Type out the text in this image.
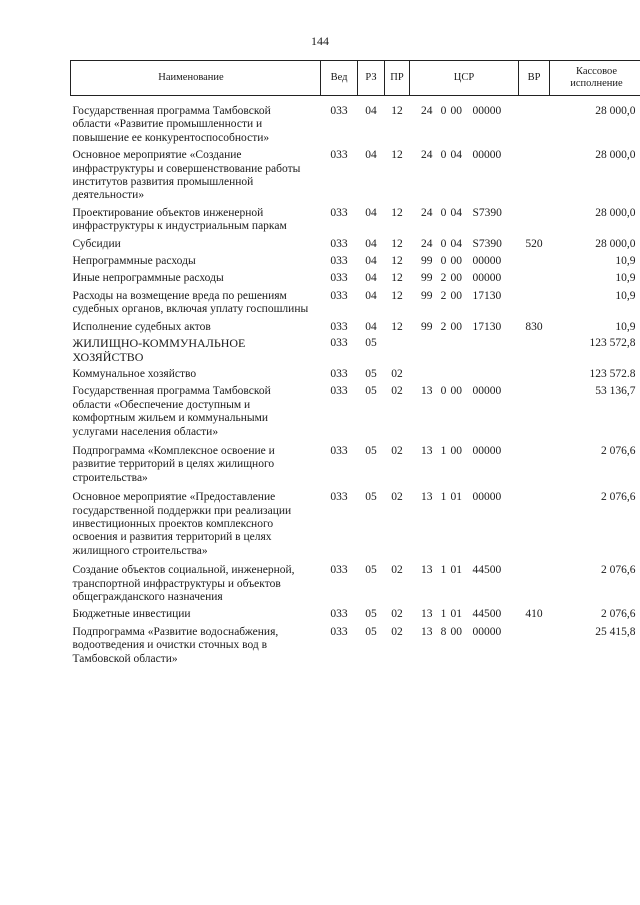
144
Наименование	Вед	РЗ	ПР	ЦСР	ВР	Кассовое исполнение
Государственная программа Тамбовской области «Развитие промышленности и повышение ее конкурентоспособности»	033	04	12	24 0 00 00000		28 000,0
Основное мероприятие «Создание инфраструктуры и совершенствование работы институтов развития промышленной деятельности»	033	04	12	24 0 04 00000		28 000,0
Проектирование объектов инженерной инфраструктуры к индустриальным паркам	033	04	12	24 0 04 S7390		28 000,0
Субсидии	033	04	12	24 0 04 S7390	520	28 000,0
Непрограммные расходы	033	04	12	99 0 00 00000		10,9
Иные непрограммные расходы	033	04	12	99 2 00 00000		10,9
Расходы на возмещение вреда по решениям судебных органов, включая уплату госпошлины	033	04	12	99 2 00 17130		10,9
Исполнение судебных актов	033	04	12	99 2 00 17130	830	10,9
ЖИЛИЩНО-КОММУНАЛЬНОЕ ХОЗЯЙСТВО	033	05				123 572,8
Коммунальное хозяйство	033	05	02			123 572.8
Государственная программа Тамбовской области «Обеспечение доступным и комфортным жильем и коммунальными услугами населения области»	033	05	02	13 0 00 00000		53 136,7
Подпрограмма «Комплексное освоение и развитие территорий в целях жилищного строительства»	033	05	02	13 1 00 00000		2 076,6
Основное мероприятие «Предоставление государственной поддержки при реализации инвестиционных проектов комплексного освоения и развития территорий в целях жилищного строительства»	033	05	02	13 1 01 00000		2 076,6
Создание объектов социальной, инженерной, транспортной инфраструктуры и объектов общегражданского назначения	033	05	02	13 1 01 44500		2 076,6
Бюджетные инвестиции	033	05	02	13 1 01 44500	410	2 076,6
Подпрограмма «Развитие водоснабжения, водоотведения и очистки сточных вод в Тамбовской области»	033	05	02	13 8 00 00000		25 415,8
